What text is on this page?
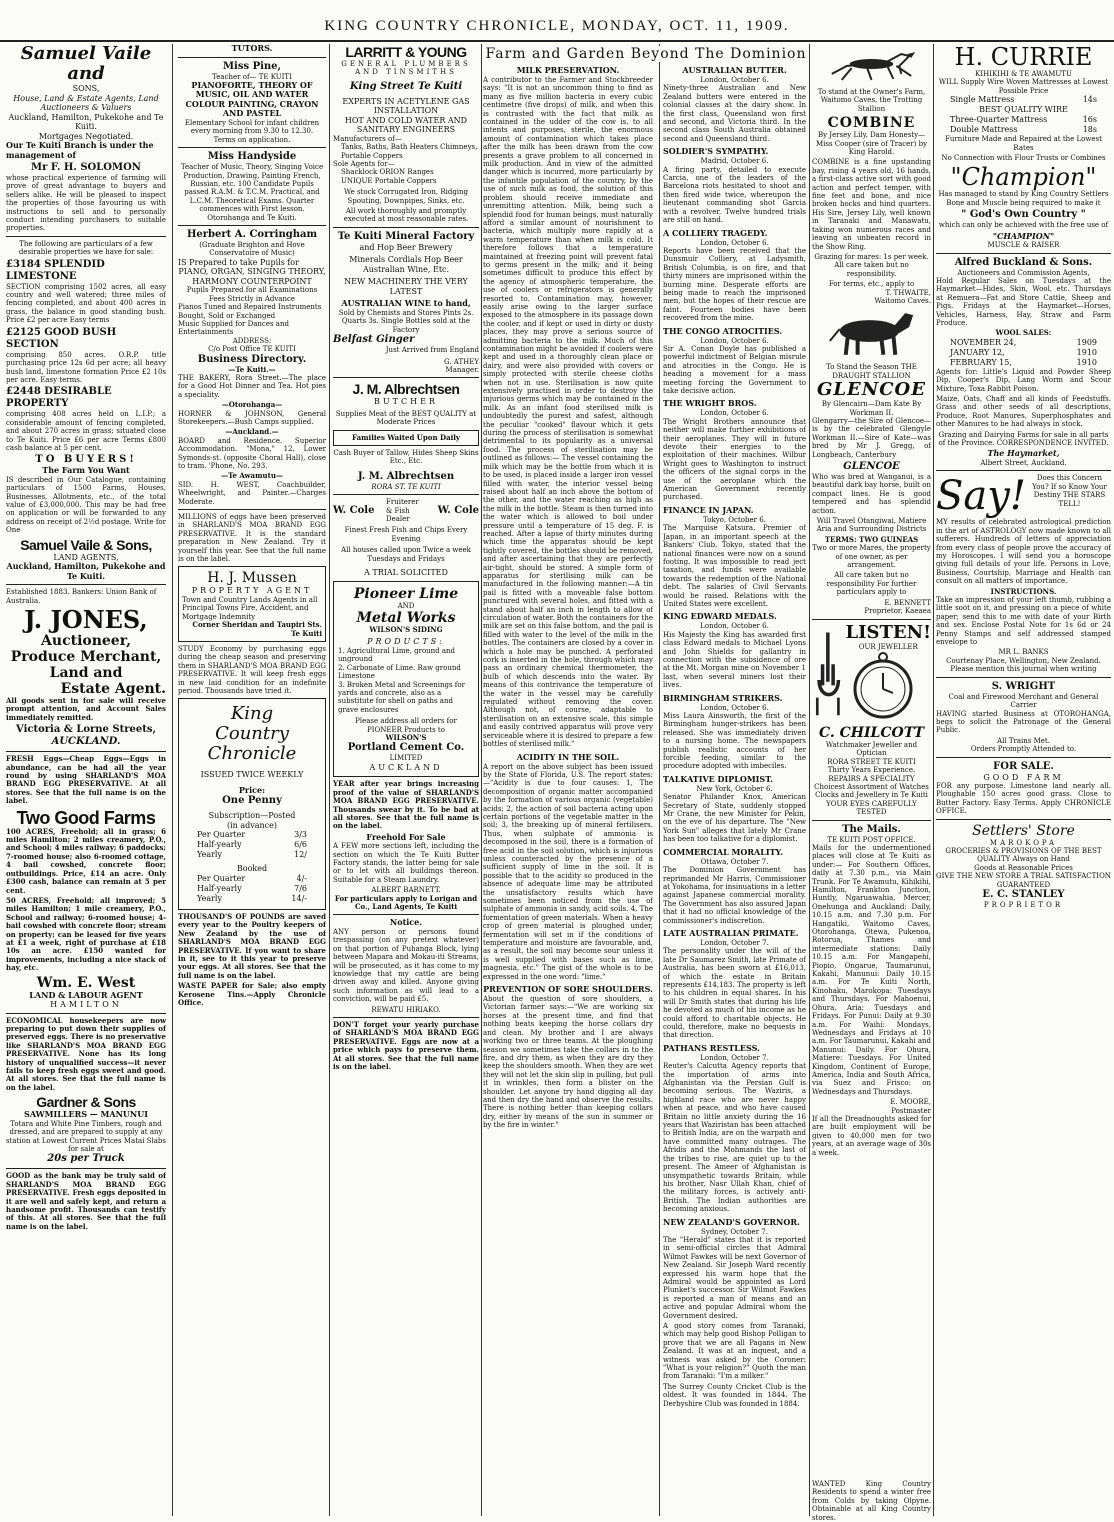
KING COUNTRY CHRONICLE, MONDAY, OCT. 11, 1909.
Samuel Vaile and
SONS,
House, Land & Estate Agents, Land Auctioneers & Valuers
Auckland, Hamilton, Pukekohe and Te Kuiti.
Mortgages Negotiated.

Our Te Kuiti Branch is under the management of

Mr F. H. SOLOMON

whose practical experience of farming will prove of great advantage to buyers and sellers alike. He will be pleased to inspect the properties of those favouring us with instructions to sell and to personally conduct intending purchasers to suitable properties.

The following are particulars of a few desirable properties we have for sale:

£3184 SPLENDID LIMESTONE

SECTION comprising 1502 acres, all easy country and well watered; three miles of fencing completed, and about 400 acres in grass, the balance in good standing bush. Price £2 per acre Easy terms

£2125 GOOD BUSH SECTION

comprising 850 acres. O.R.P. title purchasing price 12s 6d per acre; all heavy bush land, limestone formation Price £2 10s per acre. Easy terms.

£2448 DESIRABLE PROPERTY

comprising 408 acres held on L.I.P.; a considerable amount of fencing completed, and about 270 acres in grass; situated close to Te Kuiti. Price £6 per acre Terms £800 cash balance at 5 per cent.

TO BUYERS!
The Farm You Want

IS described in Our Catalogue, containing particulars of 1500 Farms, Houses, Businesses, Allotments, etc., of the total value of £3,000,000. This may be had free on application or will be forwarded to any address on receipt of 2½d postage. Write for One

Samuel Vaile & Sons,
LAND AGENTS,
Auckland, Hamilton, Pukekohe and Te Kuiti.

Established 1883. Bankers: Union Bank of Australia.

J. JONES,
Auctioneer,
Produce Merchant,
Land and
Estate Agent.

All goods sent in for sale will receive prompt attention, and Account Sales immediately remitted.

Victoria & Lorne Streets,
AUCKLAND.

FRESH Eggs—Cheap Eggs—Eggs in abundance, can be had all the year round by using SHARLAND'S MOA BRAND EGG PRESERVATIVE. At all stores. See that the full name is on the label.

Two Good Farms

100 ACRES, Freehold; all in grass; 6 miles Hamilton; 2 miles creamery, P.O., and School; 4 miles railway; 6 paddocks; 7-roomed house; also 6-roomed cottage, 4 bail cowshed, concrete floor; outbuildings. Price, £14 an acre. Only £300 cash, balance can remain at 5 per cent.

50 ACRES, Freehold; all improved; 5 miles Hamilton; 1 mile creamery, P.O., School and railway; 6-roomed house; 4-bail cowshed with concrete floor; stream on property; can be leased for five years at £1 a week, right of purchase at £18 10s an acre. £150 wanted for improvements, including a nice stack of hay, etc.

Wm. E. West
LAND & LABOUR AGENT
HAMILTON

ECONOMICAL housekeepers are now preparing to put down their supplies of preserved eggs. There is no preservative like SHARLAND'S MOA BRAND EGG PRESERVATIVE. None has its long history of unqualified success—it never fails to keep fresh eggs sweet and good. At all stores. See that the full name is on the label.

Gardner & Sons
SAWMILLERS — MANUNUI
Totara and White Pine Timbers, rough and dressed, and are prepared to supply at any station at Lowest Current Prices Matai Slabs for sale at
20s per Truck

GOOD as the bank may be truly said of SHARLAND'S MOA BRAND EGG PRESERVATIVE. Fresh eggs deposited in it are well and safely kept, and return a handsome profit. Thousands can testify of this. At all stores. See that the full name is on the label.

TUTORS.
Miss Pine,
Teacher of— TE KUITI
PIANOFORTE, THEORY OF MUSIC, OIL AND WATER COLOUR PAINTING, CRAYON AND PASTEL
Elementary School for infant children every morning from 9.30 to 12.30.
Terms on application.
Miss Handyside
Teacher of Music, Theory, Singing Voice Production, Drawing, Painting French, Russian, etc. 100 Candidate Pupils passed R.A.M. & T.C.M. Practical, and L.C.M. Theoretical Exams. Quarter commences with First lesson. Otorohanga and Te Kuiti.
Herbert A. Corringham
(Graduate Brighton and Hove Conservatoire of Music)
IS Prepared to take Pupils for
PIANO, ORGAN, SINGING THEORY, HARMONY COUNTERPOINT
Pupils Prepared for all Examinations
Fees Strictly in Advance
Pianos Tuned and Repaired Instruments Bought, Sold or Exchanged
Music Supplied for Dances and Entertainments
ADDRESS:
C/o Post Office TE KUITI
Business Directory.
—Te Kuiti.—

THE BAKERY, Rora Street.—The place for a Good Hot Dinner and Tea. Hot pies a speciality.

—Otorohanga—

HORNER & JOHNSON, General Storekeepers.—Bush Camps supplied.

—Auckland.—

BOARD and Residence. Superior Accommodation. "Mona," 12, Lower Symonds-st. (opposite Choral Hall), close to tram. 'Phone, No. 293.

—Te Awamutu—

SID. H. WEST, Coachbuilder, Wheelwright, and Painter.—Charges Moderate.

MILLIONS of eggs have been preserved in SHARLAND'S MOA BRAND EGG PRESERVATIVE. It is the standard preparation in New Zealand. Try it yourself this year. See that the full name is on the label.

H. J. Mussen
PROPERTY AGENT
Town and Country Lands Agents in all Principal Towns Fire, Accident, and Mortgage Indemnity
Corner Sheridan and Taupiri Sts. Te Kuiti

STUDY Economy by purchasing eggs during the cheap season and preserving them in SHARLAND'S MOA BRAND EGG PRESERVATIVE. It will keep fresh eggs in new laid condition for an indefinite period. Thousands have tried it.

King
Country
Chronicle
ISSUED TWICE WEEKLY
Price:
One Penny
Subscription—Posted
(in advance)
Per Quarter	3/3
Half-yearly	6/6
Yearly	12/
Booked
Per Quarter	4/-
Half-yearly	7/6
Yearly	14/-

THOUSAND'S OF POUNDS are saved every year to the Poultry keepers of New Zealand by the use of SHARLAND'S MOA BRAND EGG PRESERVATIVE. If you want to share in it, see to it this year to preserve your eggs. At all stores. See that the full name is on the label.

WASTE PAPER for Sale; also empty Kerosene Tins.—Apply Chronicle Office.

LARRITT & YOUNG
GENERAL PLUMBERS AND TINSMITHS
King Street Te Kuiti
EXPERTS IN ACETYLENE GAS INSTALLATION
HOT AND COLD WATER AND SANITARY ENGINEERS
Manufacturers of—
Tanks, Baths, Bath Heaters Chimneys, Portable Coppers
Sole Agents for—
Shacklock ORION Ranges
UNIQUE Portable Coppers

We stock Corrugated Iron, Ridging Spouting, Downpipes, Sinks, etc.

All work thoroughly and promptly executed at most reasonable rates.

Te Kuiti Mineral Factory
and Hop Beer Brewery
Minerals Cordials Hop Beer Australian Wine, Etc.
NEW MACHINERY THE VERY LATEST
AUSTRALIAN WINE to hand,
Sold by Chemists and Stores Pints 2s. Quarts 3s. Single Bottles sold at the Factory
Belfast Ginger
Just Arrived from England
G. ATHEY
Manager.
J. M. Albrechtsen
BUTCHER
Supplies Meat of the BEST QUALITY at Moderate Prices
Families Waited Upon Daily
Cash Buyer of Tallow, Hides Sheep Skins Etc., Etc.
J. M. Albrechtsen
RORA ST. TE KUITI
W. Cole
Fruiterer & Fish Dealer
W. Cole
Finest Fresh Fish and Chips Every Evening
All houses called upon Twice a week Tuesdays and Fridays
A TRIAL SOLICITED
Pioneer Lime
AND
Metal Works
WILSON'S SIDING
PRODUCTS:
1. Agricultural Lime, ground and unground
2. Carbonate of Lime. Raw ground Limestone
3. Broken Metal and Screenings for yards and concrete, also as a substitute for shell on paths and grave enclosures
Please address all orders for PIONEER Products to
WILSON'S
Portland Cement Co.
LIMITED
AUCKLAND

YEAR after year brings increasing proof of the value of SHARLAND'S MOA BRAND EGG PRESERVATIVE. Thousands swear by it. To be bad at all stores. See that the full name is on the label.

Freehold For Sale

A FEW more sections left, including the section on which the Te Kuiti Butter Factory stands, the latter being for sale or to let with all buildings thereon. Suitable for a Steam Laundry.

ALBERT BARNETT.

For particulars apply to Lorigan and Co., Land Agents, Te Kuiti

Notice.

ANY person or persons found trespassing (on any pretext whatever) on that portion of Puhanga Block, lying between Mapara and Mokau-iti Streams, will be prosecuted, as it has come to my knowledge that my cattle are being driven away and killed. Anyone giving such information as will lead to a conviction, will be paid £5.

REWATU HIRIAKO.

DON'T forget your yearly purchase of SHARLAND'S MOA BRAND EGG PRESERVATIVE. Eggs are now at a price which pays to preserve them. At all stores. See that the full name is on the label.

MILK PRESERVATION.

A contributor to the Farmer and Stockbreeder says: "It is not an uncommon thing to find as many as five million bacteria in every cubic centimetre (five drops) of milk, and when this is contrasted with the fact that milk as contained in the udder of the cow is, to all intents and purposes, sterile, the enormous amount of contamination which takes place after the milk has been drawn from the cow presents a grave problem to all concerned in milk production. And in view of the admitted danger which is incurred, more particularly by the infantile population of the country, by the use of such milk as food, the solution of this problem should receive immediate and unremitting attention. Milk, being such a splendid food for human beings, must naturally afford a similar amount of nourishment to bacteria, which multiply more rapidly at a warm temperature than when milk is cold. It therefore follows that a temperature maintained at freezing point will prevent fatal to germs present in the milk; and it being sometimes difficult to produce this effect by the agency of atmospheric temperature, the use of coolers or refrigerators is generally resorted to. Contamination may, however, easily arise owing to the larger surface exposed to the atmosphere in its passage down the cooler, and if kept or used in dirty or dusty places, they may prove a serious source of admitting bacteria to the milk. Much of this contamination might be avoided if coolers were kept and used in a thoroughly clean place or dairy, and were also provided with covers or simply protected with sterile cheese cloths when not in use. Sterilisation is now quite extensively practised in order to destroy the injurious germs which may be contained in the milk. As an infant food sterilised milk is undoubtedly the purest and safest, although the peculiar "cooked" flavour which it gets during the process of sterilisation is somewhat detrimental to its popularity as a universal food. The process of sterilisation may be outlined as follows:— The vessel containing the milk which may be the bottle from which it is to be used, is placed inside a larger iron vessel filled with water, the interior vessel being raised about half an inch above the bottom of the other, and the water reaching as high as the milk in the bottle. Steam is then turned into the water which is allowed to boil under pressure until a temperature of 15 deg. F. is reached. After a lapse of thirty minutes during which time the apparatus should be kept tightly covered, the bottles should be removed, and after ascertaining that they are perfectly air-tight, should be stored. A simple form of apparatus for sterilising milk can be manufactured in the following manner:—A tin pail is fitted with a moveable false bottom punctured with several holes, and fitted with a stand about half an inch in length to allow of circulation of water. Both the containers for the milk are set on this false bottom, and the pail is filled with water to the level of the milk in the bottles. The containers are closed by a cover in which a hole may be punched. A perforated cork is inserted in the hole, through which may pass an ordinary chemical thermometer, the bulb of which descends into the water. By means of this contrivance the temperature of the water in the vessel may be carefully regulated without removing the cover. Although not, of course, adaptable to sterilisation on an extensive scale, this simple and easily contrived apparatus will prove very serviceable where it is desired to prepare a few bottles of sterilised milk."

ACIDITY IN THE SOIL.

A report on the above subject has been issued by the State of Florida, U.S. The report states:—"Acidity is due to four causes: 1, The decomposition of organic matter accompanied by the formation of various organic (vegetable) acids; 2, the action of soil bacteria acting upon certain portions of the vegetable matter in the soil; 3, the breaking up of mineral fertilisers. Thus, when sulphate of ammonia is decomposed in the soil, there is a formation of free acid in the soil solution, which is injurious unless counteracted by the presence of a sufficient supply of lime in the soil. It is possible that to the acidity so produced in the absence of adequate lime may be attributed the unsatisfactory results which have sometimes been noticed from the use of sulphate of ammonia in sandy, acid soils. 4, The formentation of green materials. When a heavy crop of green material is ploughed under, fermentation will set in if the conditions of temperature and moisture are favourable, and, as a result, the soil may become sour unless it is well supplied with bases such as lime, magnesia, etc." The gist of the whole is to be expressed in the one word: "lime."

PREVENTION OF SORE SHOULDERS.

About the question of sore shoulders, a Victorian farmer says:—"We are working six horses at the present time, and find that nothing beats keeping the horse collars dry and clean. My brother and I are always working two or three teams. At the ploughing season we sometimes take the collars in to the fire, and dry them, as when they are dry they keep the shoulders smooth. When they are wet they will not let the skin slip in pulling, but pull it in wrinkles, then form a blister on the shoulder. Let anyone try hand digging all day and then dry the hand and observe the results. There is nothing better than keeping collars dry, either by means of the sun in summer or by the fire in winter."

Farm and Garden Beyond The Dominion
AUSTRALIAN BUTTER.
London, October 6.

Ninety-three Australian and New Zealand butters were entered in the colonial classes at the dairy show. In the first class, Queensland won first and second, and Victoria third. In the second class South Australia obtained second and Queensland third.

SOLDIER'S SYMPATHY.
Madrid, October 6.

A firing party, detailed to execute Carcia, one of the leaders of the Barcelona riots hesitated to shoot and then fired wide twice, whereupon the lieutenant commanding shot Garcia with a revolver. Twelve hundred trials are still on hand.

A COLLIERY TRAGEDY.
London, October 6.

Reports have been received that the Dunsmuir Colliery, at Ladysmith, British Columbia, is on fire, and that thirty miners are imprisoned within the burning mine. Desperate efforts are being made to reach the imprisoned men, but the hopes of their rescue are faint. Fourteen bodies have been recovered from the mine.

THE CONGO ATROCITIES.
London, October 6.

Sir A. Conan Doyle has published a powerful indictment of Belgian misrule and atrocities in the Congo. He is heading a movement for a mass meeting forcing the Government to take decisive action.

THE WRIGHT BROS.
London, October 6.

The Wright Brothers announce that neither will make further exhibitions of their aeroplanes. They will in future devote their energies to the exploitation of their machines. Wilbur Wright goes to Washington to instruct the officers of the signal corps in the use of the aeroplane which the American Government recently purchased.

FINANCE IN JAPAN.
Tokyo, October 6.

The Marquise Katsura, Premier of Japan, in an important speech at the Bankers' Club, Tokyo, stated that the national finances were now on a sound footing. It was impossible to read ject taxation, and funds were available towards the redemption of the National debt. The salaries of Civil Servants would be raised. Relations with the United States were excellent.

KING EDWARD MEDALS.
London, October 6.

His Majesty the King has awarded first class Edward medals to Michael Lyons and John Shields for gallantry in connection with the subsidence of ore at the Mt. Morgan mine on November 1 last, when several miners lost their lives.

BIRMINGHAM STRIKERS.
London, October 6.

Miss Laura Ainsworth, the first of the Birmingham hunger-strikers has been released. She was immediately driven to a nursing home. The newspapers publish realistic accounts of her forcible feeding, similar to the procedure adopted with imbeciles.

TALKATIVE DIPLOMIST.
New York, October 6.

Senator Philander Knox, American Secretary of State, suddenly stopped Mr Crane, the new Minister for Pekin, on the eve of his departure. The "New York Sun" alleges that lately Mr Crane has been too talkative for a diplomist.

COMMERCIAL MORALITY.
Ottawa, October 7.

The Dominion Government has reprimanded Mr Harris, Commissioner at Yokohama, for insinuations in a letter against Japanese commercial morality. The Government has also assured Japan that it had no official knowledge of the commissioner's indiscretion.

LATE AUSTRALIAN PRIMATE.
London, October 7.

The personality under the will of the late Dr Saumarez Smith, late Primate of Australia, has been sworn at £16,013, of which the estate in Britain represents £14,183. The property is left to his children in equal shares. In his will Dr Smith states that during his life he devoted as much of his income as he could afford to charitable objects. He could, therefore, make no bequests in that direction.

PATHANS RESTLESS.
London, October 7.

Reuter's Calcutta Agency reports that the importation of arms into Afghanistan via the Persian Gulf is becoming serious. The Waziris, a highland race who are never happy when at peace, and who have caused Britain no little anxiety during the 16 years that Waziristan has been attached to British India, are on the warpath and have committed many outrages. The Afridis and the Mohmands the last of the tribes to rise, are quiet up to the present. The Ameer of Afghanistan is unsympathetic towards Britain, while his brother, Nasr Ullah Khan, chief of the military forces, is actively anti-British. The Indian authorities are becoming anxious.

NEW ZEALAND'S GOVERNOR.
Sydney, October 7.

The "Herald" states that it is reported in semi-official circles that Admiral Wilmot Fawkes will be next Governor of New Zealand. Sir Joseph Ward recently expressed his warm hope that the Admiral would be appointed as Lord Plunket's successor. Sir Wilmot Fawkes is reported a man of means and an active and popular Admiral whom the Government desired.

A good story comes from Taranaki, which may help good Bishop Polligan to prove that we are all Pagans in New Zealand. It was at an inquest, and a witness was asked by the Coroner: "What is your religion?" Quoth the man from Taranaki: "I'm a milker."

The Surrey County Cricket Club is the oldest. It was founded in 1844. The Derbyshire Club was founded in 1884.

To stand at the Owner's Farm, Waitomo Caves, the Trotting Stallion

COMBINE

By Jersey Lily, Dam Honesty—Miss Cooper (sire of Tracer) by King Harold.

COMBINE is a fine upstanding bay, rising 4 years old, 16 hands, a first-class active sort with good action and perfect temper, with fine feet and bone, and nice broken hocks and hind quarters. His Sire, Jersey Lily, well known in Taranaki and Manawatu, taking won numerous races and leaving an unbeaten record in the Show Ring.

Grazing for mares: 1s per week. All care taken but no responsibility.

For terms, etc., apply to
T. THWAITE,
Waitomo Caves.
To Stand the Season THE DRAUGHT STALLION
GLENCOE
By Glencairn—Dam Kate By Workman II.

Glengarry—the Sire of Glencoe—is by the celebrated Glengyle Workman II.—Sire of Kate—was bred by Mr J. Gregg, of Longbeach, Canterbury

GLENCOE

Who was bred at Wanganui, is a beautiful dark bay horse, built on compact lines. He is good tempered and has splendid action.

Will Travel Otangiwai, Matiere Aria and Surrounding Districts

TERMS: TWO GUINEAS

Two or more Mares, the property of one owner, as per arrangement.

All care taken but no responsibility For further particulars apply to

E. BENNETT
Proprietor, Kaeaea
LISTEN!
OUR JEWELLER
C. CHILCOTT
Watchmaker Jeweller and Optician
RORA STREET TE KUITI
Thirty Years Experience.
REPAIRS A SPECIALITY
Choicest Assortment of Watches Clocks and Jewellery in Te Kuiti
YOUR EYES CAREFULLY TESTED
The Mails.
TE KUITI POST OFFICE.

Mails for the undermentioned places will close at Te Kuiti as under:— For Southern Offices, daily at 7.30 p.m., via Main Trunk. For Te Awamutu, Kihikihi, Hamilton, Frankton Junction, Huntly, Ngaruawahia, Mercer, Onehunga and Auckland: Daily, 10.15 a.m. and 7.30 p.m. For Hangatiki, Waitomo Caves, Otorohanga, Otewa, Pukenoa, Rotorua, Thames and intermediate stations: Daily 10.15 a.m. For Mangapehi, Piopio, Ongarue, Taumarunui, Kakahi, Manunui: Daily 10.15 a.m. For Te Kuiti North, Kinohaku, Marokopa: Tuesdays and Thursdays. For Mahoenui, Ohura, Aria: Tuesdays and Fridays. For Punui: Daily at 9.30 a.m. For Waihi: Mondays, Wednesdays and Fridays at 10 a.m. For Taumarunui, Kakahi and Manunui: Daily. For Ohura, Matiere: Tuesdays. For United Kingdom, Continent of Europe, America, India and South Africa, via Suez and Frisco: on Wednesdays and Thursdays.

E. MOORE,
Postmaster

If all the Dreadnoughts asked for are built employment will be given to 40,000 men for two years, at an average wage of 30s a week.

H. CURRIE
KIHIKIHI & TE AWAMUTU
WILL Supply Wire Woven Mattresses at Lowest Possible Price
Single Mattress	14s
BEST QUALITY WIRE
Three-Quarter Mattress	16s
Double Mattress	18s

Furniture Made and Repaired at the Lowest Rates

No Connection with Flour Trusts or Combines

"Champion"

Has managed to stand by King Country Settlers Bone and Muscle being required to make it

" God's Own Country "

which can only be achieved with the free use of

"CHAMPION"
MUSCLE & RAISER
Alfred Buckland & Sons.
Auctioneers and Commission Agents,

Hold Regular Sales on Tuesdays at the Haymarket—Hides, Skin, Wool, etc. Thursdays at Remuera—Fat and Store Cattle, Sheep and Pigs. Fridays at the Haymarket—Horses, Vehicles, Harness, Hay, Straw and Farm Produce.

WOOL SALES:
NOVEMBER 24,	1909
JANUARY 12,	1910
FEBRUARY 15,	1910

Agents for: Little's Liquid and Powder Sheep Dip, Cooper's Dip, Lang Worm and Scour Mixture, Toxa Rabbit Poison.

Maize, Oats, Chaff and all kinds of Feedstuffs. Grass and other seeds of all descriptions, Produce, Root Manures, Superphosphates and other Manures to be had always in stock.

Grazing and Dairying Farms for sale in all parts of the Province. CORRESPONDENCE INVITED.

The Haymarket,
Albert Street, Auckland.
Say!	Does this Concern You? If so Know Your Destiny THE STARS TELL!

MY results of celebrated astrological prediction in the art of ASTROLOGY now made known to all sufferers. Hundreds of letters of appreciation from every class of people prove the accuracy of my Horoscopes. I will send you a horoscope giving full details of your life. Persons in Love, Business, Courtship, Marriage and Health can consult on all matters of importance.

INSTRUCTIONS.

Take an impression of your left thumb, rubbing a little soot on it, and pressing on a piece of white paper; send this to me with date of your Birth and sex. Enclose Postal Note for 1s 6d or 24 Penny Stamps and self addressed stamped envelope to

MR L. BANKS
Courtenay Place, Wellington, New Zealand.

Please mention this journal when writing

S. WRIGHT
Coal and Firewood Merchant and General Carrier

HAVING started Business at OTOROHANGA, begs to solicit the Patronage of the General Public.

All Trains Met.
Orders Promptly Attended to.
FOR SALE.
GOOD FARM

FOR any purpose. Limestone land nearly all. Ploughable 150 acres good grass. Close to Butter Factory. Easy Terms. Apply CHRONICLE OFFICE.

Settlers' Store
MAROKOPA
GROCERIES & PROVISIONS OF THE BEST QUALITY Always on Hand
Goods at Reasonable Prices
GIVE THE NEW STORE A TRIAL SATISFACTION GUARANTEED
E. C. STANLEY
PROPRIETOR
WANTED King Country Residents to spend a winter free from Colds by taking Olpyne. Obtainable at all King Country stores.
